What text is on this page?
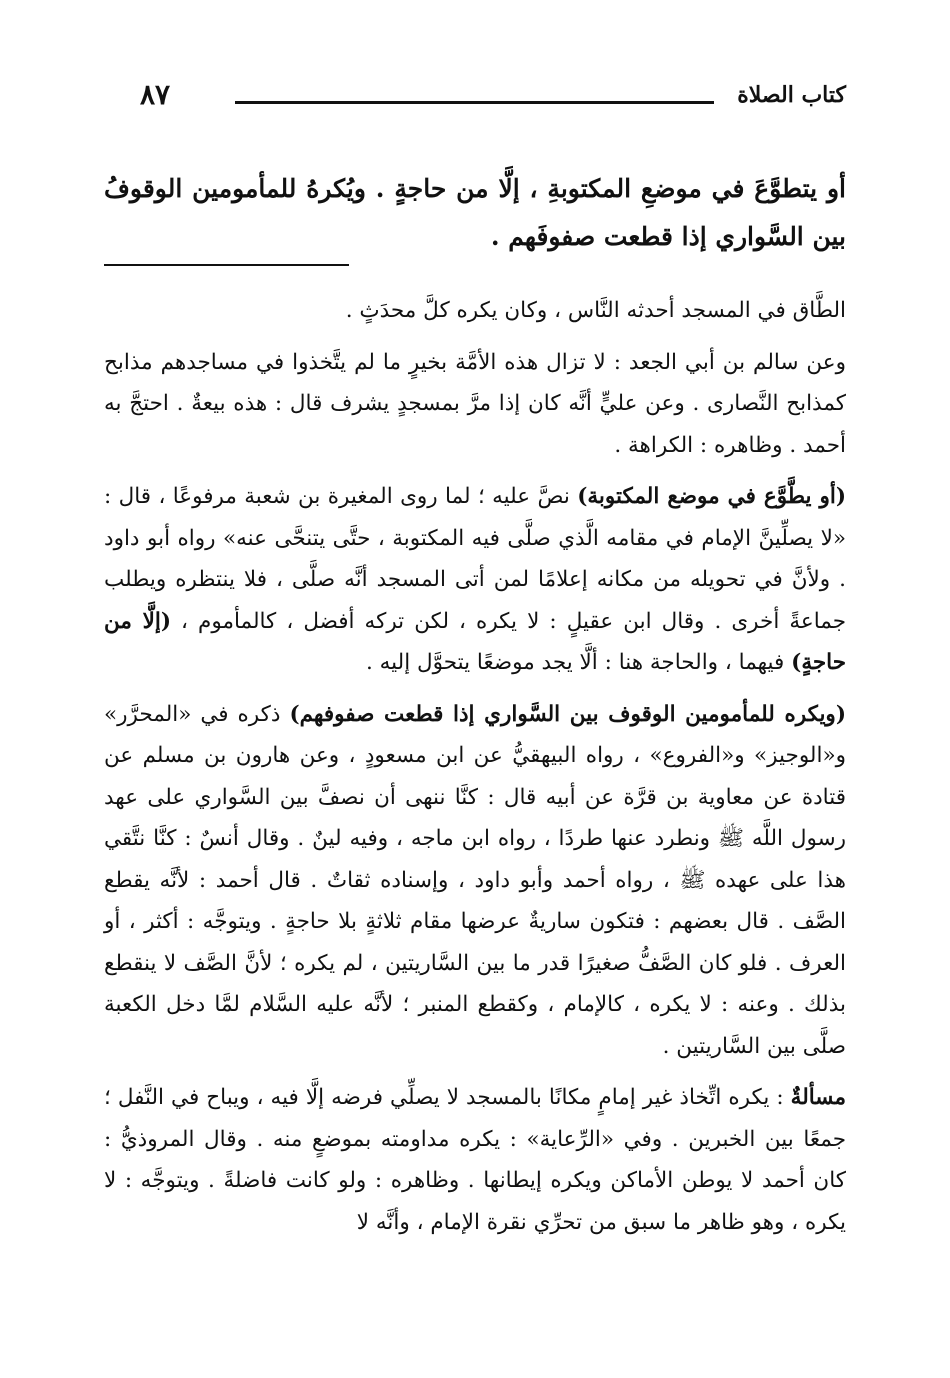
كتاب الصلاة
٨٧
أو يتطوَّعَ في موضعِ المكتوبةِ ، إلَّا من حاجةٍ . ويُكرهُ للمأمومين الوقوفُ بين السَّواري إذا قطعت صفوفَهم .

الطَّاق في المسجد أحدثه النَّاس ، وكان يكره كلَّ محدَثٍ .

وعن سالم بن أبي الجعد : لا تزال هذه الأمَّة بخيرٍ ما لم يتَّخذوا في مساجدهم مذابح كمذابح النَّصارى . وعن عليٍّ أنَّه كان إذا مرَّ بمسجدٍ يشرف قال : هذه بيعةٌ . احتجَّ به أحمد . وظاهره : الكراهة .

(أو يطَّوَّع في موضع المكتوبة) نصَّ عليه ؛ لما روى المغيرة بن شعبة مرفوعًا ، قال : «لا يصلِّينَّ الإمام في مقامه الَّذي صلَّى فيه المكتوبة ، حتَّى يتنحَّى عنه» رواه أبو داود . ولأنَّ في تحويله من مكانه إعلامًا لمن أتى المسجد أنَّه صلَّى ، فلا ينتظره ويطلب جماعةً أخرى . وقال ابن عقيلٍ : لا يكره ، لكن تركه أفضل ، كالمأموم ، (إلَّا من حاجةٍ) فيهما ، والحاجة هنا : ألَّا يجد موضعًا يتحوَّل إليه .

(ويكره للمأمومين الوقوف بين السَّواري إذا قطعت صفوفهم) ذكره في «المحرَّر» و«الوجيز» و«الفروع» ، رواه البيهقيُّ عن ابن مسعودٍ ، وعن هارون بن مسلم عن قتادة عن معاوية بن قرَّة عن أبيه قال : كنَّا ننهى أن نصفَّ بين السَّواري على عهد رسول اللَّه ﷺ ونطرد عنها طردًا ، رواه ابن ماجه ، وفيه لينٌ . وقال أنسٌ : كنَّا نتَّقي هذا على عهده ﷺ ، رواه أحمد وأبو داود ، وإسناده ثقاتٌ . قال أحمد : لأنَّه يقطع الصَّف . قال بعضهم : فتكون ساريةٌ عرضها مقام ثلاثةٍ بلا حاجةٍ . ويتوجَّه : أكثر ، أو العرف . فلو كان الصَّفُّ صغيرًا قدر ما بين السَّاريتين ، لم يكره ؛ لأنَّ الصَّف لا ينقطع بذلك . وعنه : لا يكره ، كالإمام ، وكقطع المنبر ؛ لأنَّه عليه السَّلام لمَّا دخل الكعبة صلَّى بين السَّاريتين .

مسألةٌ : يكره اتِّخاذ غير إمامٍ مكانًا بالمسجد لا يصلِّي فرضه إلَّا فيه ، ويباح في النَّفل ؛ جمعًا بين الخبرين . وفي «الرِّعاية» : يكره مداومته بموضعٍ منه . وقال المروذيُّ : كان أحمد لا يوطن الأماكن ويكره إيطانها . وظاهره : ولو كانت فاضلةً . ويتوجَّه : لا يكره ، وهو ظاهر ما سبق من تحرِّي نقرة الإمام ، وأنَّه لا
